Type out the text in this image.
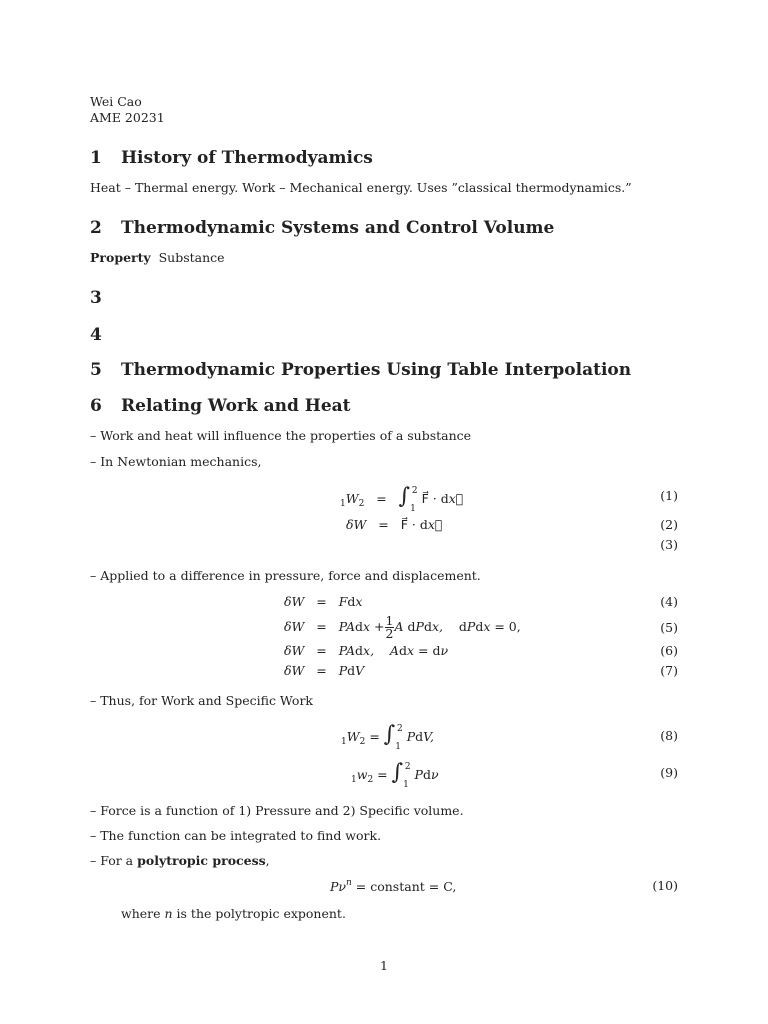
Wei Cao
AME 20231
1 History of Thermodyamics
Heat – Thermal energy. Work – Mechanical energy. Uses ”classical thermodynamics.”
2 Thermodynamic Systems and Control Volume
Property Substance
3
4
5 Thermodynamic Properties Using Table Interpolation
6 Relating Work and Heat
– Work and heat will influence the properties of a substance
– In Newtonian mechanics,
$_1W_2 = \int_1^2$ F⃗ · dx⃗	(1)
δW   = F⃗ · dx⃗	(2)
(3)
– Applied to a difference in pressure, force and displacement.
δW   =   Fdx	(4)
δW   =   PAdx + $\frac{1}{2}$ A dPdx,    dPdx = 0,	(5)
δW   =   PAdx,    Adx = dν	(6)
δW   =   PdV	(7)
– Thus, for Work and Specific Work
$_1W_2 = \int_1^2$ PdV,	(8)
$_1w_2 = \int_1^2$ Pdν	(9)
– Force is a function of 1) Pressure and 2) Specific volume.
– The function can be integrated to find work.
– For a polytropic process,
$P\nu^n$ = constant = C,	(10)
where n is the polytropic exponent.
1
